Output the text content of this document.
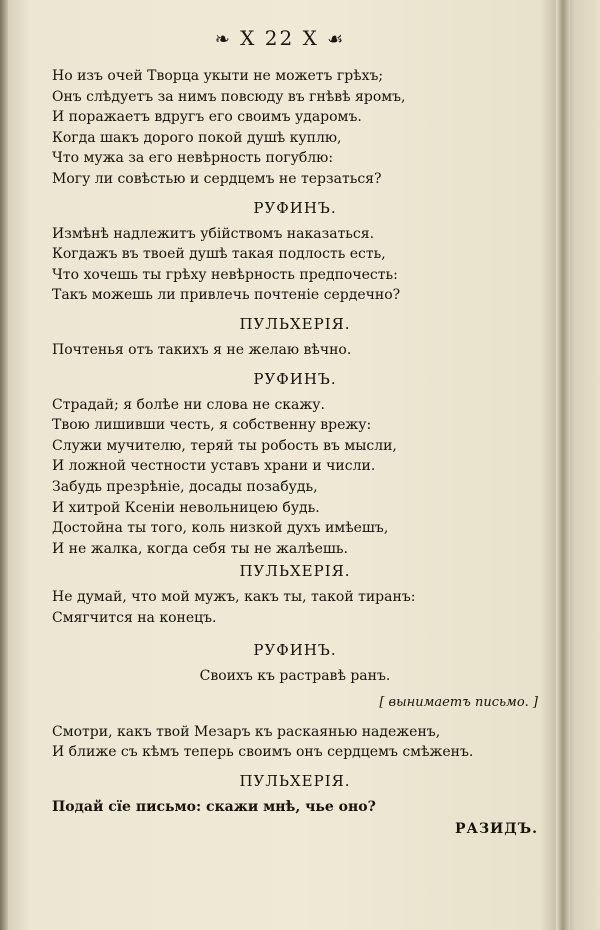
❧ X 22 X ☙
Но изъ очей Творца укыти не можетъ грѣхъ;
Онъ слѣдуетъ за нимъ повсюду въ гнѣвѣ яромъ,
И поражаетъ вдругъ его своимъ ударомъ.
Когда шакъ дорого покой душѣ куплю,
Что мужа за его невѣрность погублю:
Могу ли совѣстью и сердцемъ не терзаться?
РУФИНЪ.
Измѣнѣ надлежитъ убійствомъ наказаться.
Когдажъ въ твоей душѣ такая подлость есть,
Что хочешь ты грѣху невѣрность предпочесть:
Такъ можешь ли привлечь почтеніе сердечно?
ПУЛЬХЕРІЯ.
Почтенья отъ такихъ я не желаю вѣчно.
РУФИНЪ.
Страдай; я болѣе ни слова не скажу.
Твою лишивши честь, я собственну врежу:
Служи мучителю, теряй ты робость въ мысли,
И ложной честности уставъ храни и числи.
Забудь презрѣніе, досады позабудь,
И хитрой Ксеніи невольницею будь.
Достойна ты того, коль низкой духъ имѣешъ,
И не жалка, когда себя ты не жалѣешь.
ПУЛЬХЕРІЯ.
Не думай, что мой мужъ, какъ ты, такой тиранъ:
Смягчится на конецъ.
РУФИНЪ.
Своихъ къ растравѣ ранъ.
[ вынимаетъ письмо. ]
Смотри, какъ твой Мезаръ къ раскаянью надеженъ,
И ближе съ кѣмъ теперь своимъ онъ сердцемъ смѣженъ.
ПУЛЬХЕРІЯ.
Подай сїе письмо: скажи мнѣ, чье оно?
РАЗИДЪ.
